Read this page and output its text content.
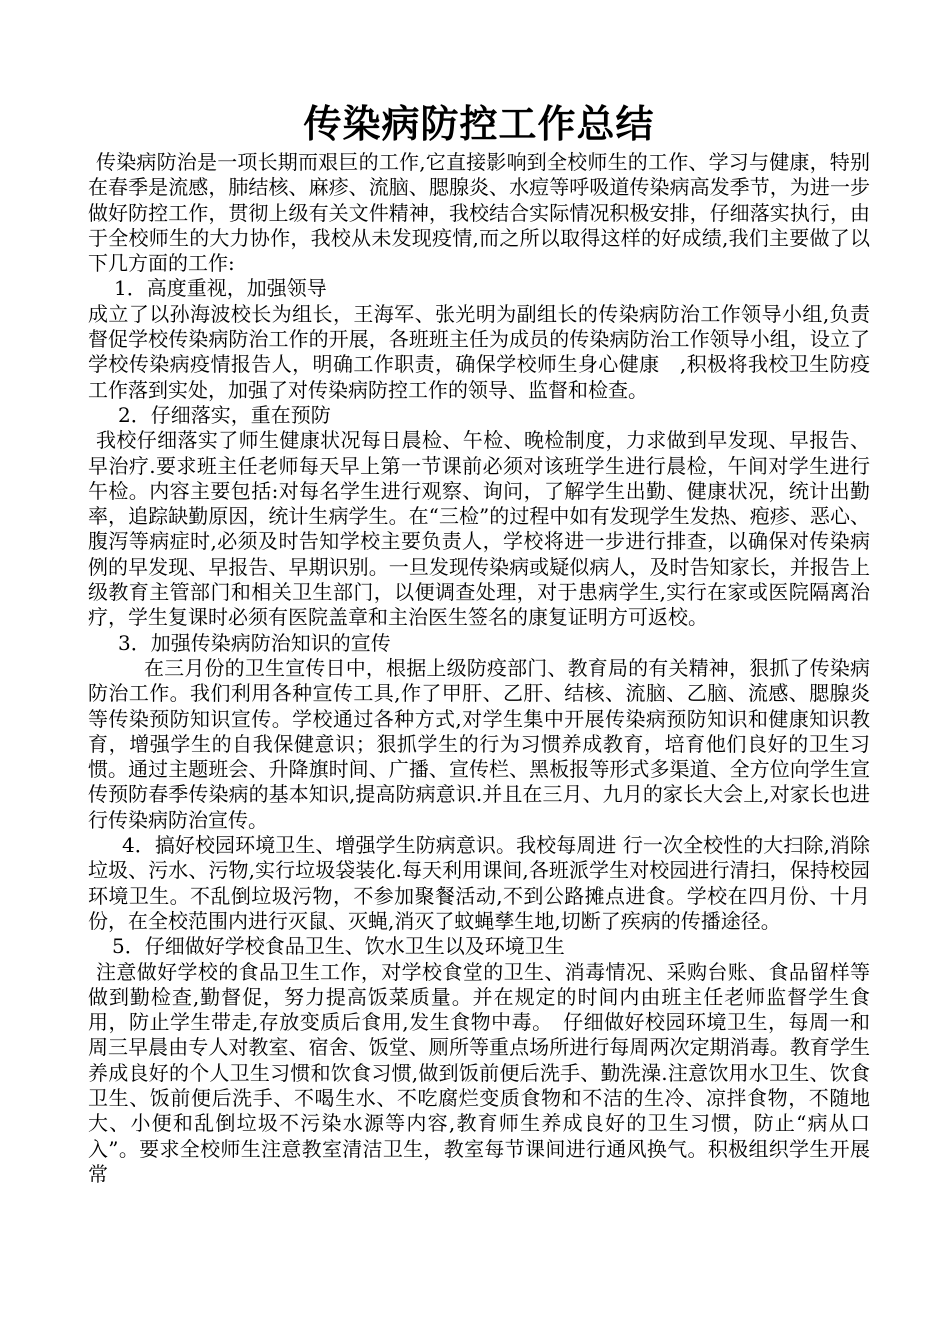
传染病防控工作总结

传染病防治是一项长期而艰巨的工作,它直接影响到全校师生的工作、学习与健康，特别在春季是流感，肺结核、麻疹、流脑、腮腺炎、水痘等呼吸道传染病高发季节，为进一步做好防控工作，贯彻上级有关文件精神，我校结合实际情况积极安排，仔细落实执行，由于全校师生的大力协作，我校从未发现疫情,而之所以取得这样的好成绩,我们主要做了以下几方面的工作:

1．高度重视，加强领导

成立了以孙海波校长为组长，王海军、张光明为副组长的传染病防治工作领导小组,负责督促学校传染病防治工作的开展，各班班主任为成员的传染病防治工作领导小组，设立了学校传染病疫情报告人，明确工作职责，确保学校师生身心健康　,积极将我校卫生防疫工作落到实处，加强了对传染病防控工作的领导、监督和检查。

2．仔细落实，重在预防

我校仔细落实了师生健康状况每日晨检、午检、晚检制度，力求做到早发现、早报告、早治疗.要求班主任老师每天早上第一节课前必须对该班学生进行晨检，午间对学生进行午检。内容主要包括:对每名学生进行观察、询问，了解学生出勤、健康状况，统计出勤率，追踪缺勤原因，统计生病学生。在“三检”的过程中如有发现学生发热、疱疹、恶心、腹泻等病症时,必须及时告知学校主要负责人，学校将进一步进行排查，以确保对传染病例的早发现、早报告、早期识别。一旦发现传染病或疑似病人，及时告知家长，并报告上级教育主管部门和相关卫生部门，以便调查处理，对于患病学生,实行在家或医院隔离治疗，学生复课时必须有医院盖章和主治医生签名的康复证明方可返校。

3．加强传染病防治知识的宣传

在三月份的卫生宣传日中，根据上级防疫部门、教育局的有关精神，狠抓了传染病防治工作。我们利用各种宣传工具,作了甲肝、乙肝、结核、流脑、乙脑、流感、腮腺炎等传染预防知识宣传。学校通过各种方式,对学生集中开展传染病预防知识和健康知识教育，增强学生的自我保健意识；狠抓学生的行为习惯养成教育，培育他们良好的卫生习惯。通过主题班会、升降旗时间、广播、宣传栏、黑板报等形式多渠道、全方位向学生宣传预防春季传染病的基本知识,提高防病意识.并且在三月、九月的家长大会上,对家长也进行传染病防治宣传。

4．搞好校园环境卫生、增强学生防病意识。我校每周进 行一次全校性的大扫除,消除垃圾、污水、污物,实行垃圾袋装化.每天利用课间,各班派学生对校园进行清扫，保持校园环境卫生。不乱倒垃圾污物，不参加聚餐活动,不到公路摊点进食。学校在四月份、十月份，在全校范围内进行灭鼠、灭蝇,消灭了蚊蝇孳生地,切断了疾病的传播途径。

5．仔细做好学校食品卫生、饮水卫生以及环境卫生

注意做好学校的食品卫生工作，对学校食堂的卫生、消毒情况、采购台账、食品留样等做到勤检查,勤督促，努力提高饭菜质量。并在规定的时间内由班主任老师监督学生食用，防止学生带走,存放变质后食用,发生食物中毒。　仔细做好校园环境卫生，每周一和周三早晨由专人对教室、宿舍、饭堂、厕所等重点场所进行每周两次定期消毒。教育学生养成良好的个人卫生习惯和饮食习惯,做到饭前便后洗手、勤洗澡.注意饮用水卫生、饮食卫生、饭前便后洗手、不喝生水、不吃腐烂变质食物和不洁的生冷、凉拌食物，不随地大、小便和乱倒垃圾不污染水源等内容,教育师生养成良好的卫生习惯，防止“病从口入”。要求全校师生注意教室清洁卫生，教室每节课间进行通风换气。积极组织学生开展常
